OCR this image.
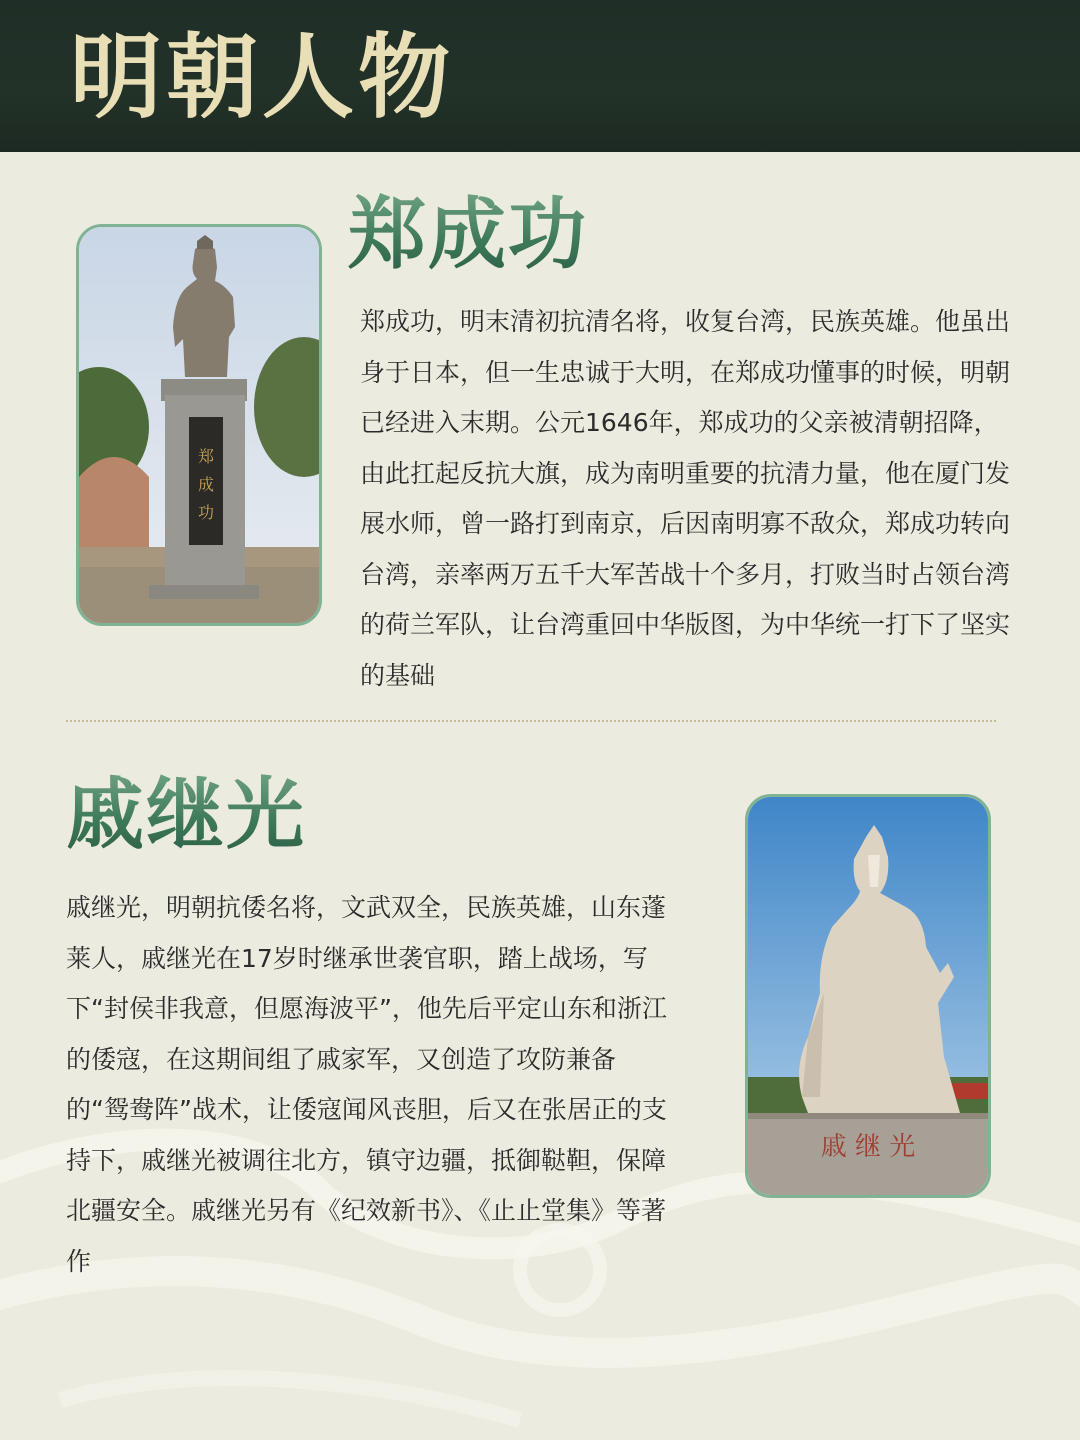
明朝人物
郑成功
郑成功

郑成功，明末清初抗清名将，收复台湾，民族英雄。他虽出身于日本，但一生忠诚于大明，在郑成功懂事的时候，明朝已经进入末期。公元1646年，郑成功的父亲被清朝招降，由此扛起反抗大旗，成为南明重要的抗清力量，他在厦门发展水师，曾一路打到南京，后因南明寡不敌众，郑成功转向台湾，亲率两万五千大军苦战十个多月，打败当时占领台湾的荷兰军队，让台湾重回中华版图，为中华统一打下了坚实的基础

戚继光

戚继光，明朝抗倭名将，文武双全，民族英雄，山东蓬莱人，戚继光在17岁时继承世袭官职，踏上战场，写下“封侯非我意，但愿海波平”，他先后平定山东和浙江的倭寇，在这期间组了戚家军，又创造了攻防兼备的“鸳鸯阵”战术，让倭寇闻风丧胆，后又在张居正的支持下，戚继光被调往北方，镇守边疆，抵御鞑靼，保障北疆安全。戚继光另有《纪效新书》、《止止堂集》等著作

戚 继 光
